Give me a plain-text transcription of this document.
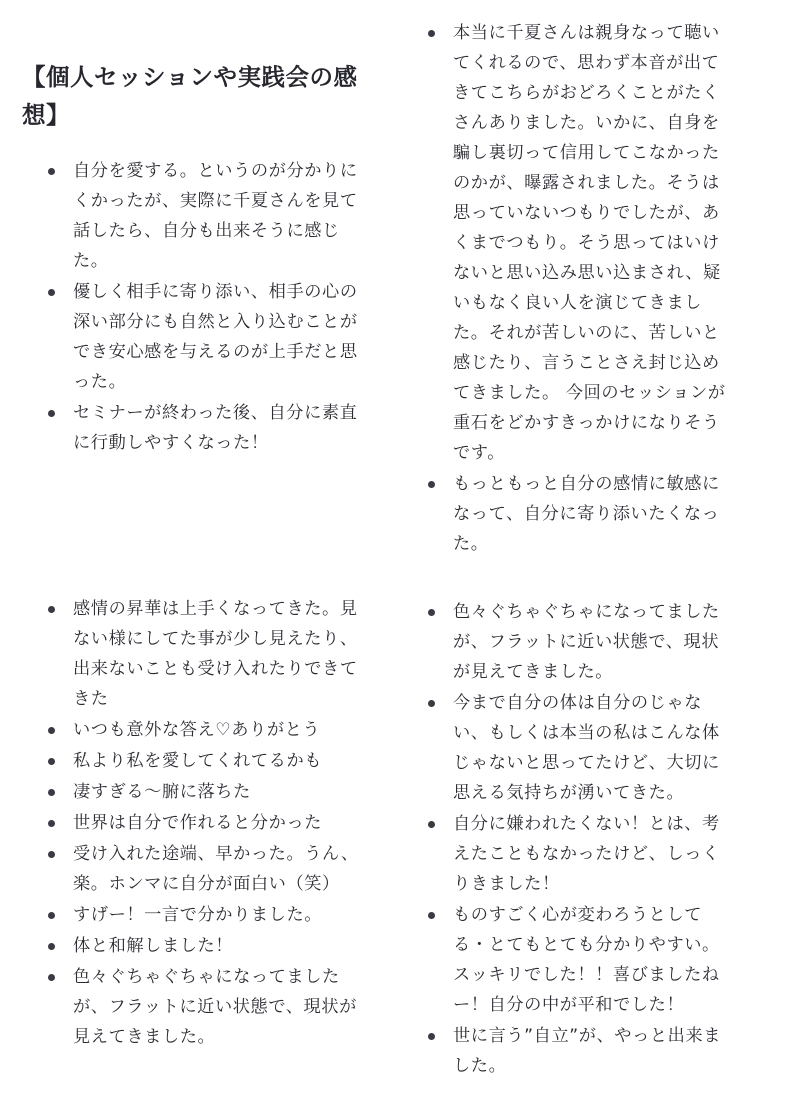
【個人セッションや実践会の感想】
自分を愛する。というのが分かりにくかったが、実際に千夏さんを見て話したら、自分も出来そうに感じた。
優しく相手に寄り添い、相手の心の深い部分にも自然と入り込むことができ安心感を与えるのが上手だと思った。
セミナーが終わった後、自分に素直に行動しやすくなった！
本当に千夏さんは親身なって聴いてくれるので、思わず本音が出てきてこちらがおどろくことがたくさんありました。いかに、自身を騙し裏切って信用してこなかったのかが、曝露されました。そうは思っていないつもりでしたが、あくまでつもり。そう思ってはいけないと思い込み思い込まされ、疑いもなく良い人を演じてきました。それが苦しいのに、苦しいと感じたり、言うことさえ封じ込めてきました。 今回のセッションが重石をどかすきっかけになりそうです。
もっともっと自分の感情に敏感になって、自分に寄り添いたくなった。
感情の昇華は上手くなってきた。見ない様にしてた事が少し見えたり、出来ないことも受け入れたりできてきた
いつも意外な答え♡ありがとう
私より私を愛してくれてるかも
凄すぎる〜腑に落ちた
世界は自分で作れると分かった
受け入れた途端、早かった。うん、楽。ホンマに自分が面白い（笑）
すげー！一言で分かりました。
体と和解しました！
色々ぐちゃぐちゃになってましたが、フラットに近い状態で、現状が見えてきました。
色々ぐちゃぐちゃになってましたが、フラットに近い状態で、現状が見えてきました。
今まで自分の体は自分のじゃない、もしくは本当の私はこんな体じゃないと思ってたけど、大切に思える気持ちが湧いてきた。
自分に嫌われたくない！とは、考えたこともなかったけど、しっくりきました！
ものすごく心が変わろうとしてる・とてもとても分かりやすい。スッキリでした！！喜びましたねー！自分の中が平和でした！
世に言う”自立”が、やっと出来ました。
